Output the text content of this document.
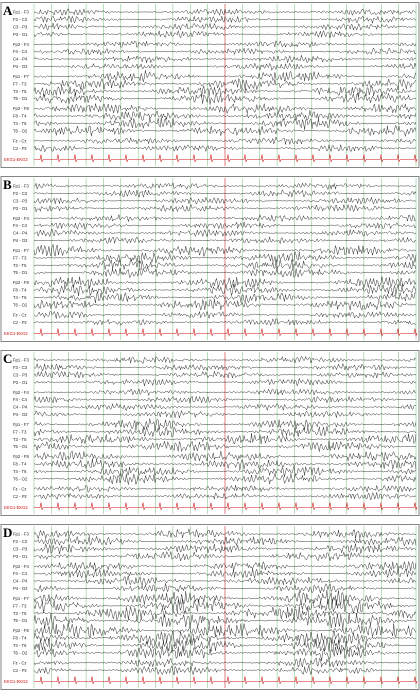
A Fp1 - F3
F3 - C3
C3 - P3
P3 - O1
Fp2 - F4
F4 - C4
C4 - P4
P4 - O2
Fp1 - F7
F7 - T3
T3 - T5
T5 - O1
Fp2 - F8
F8 - T4
T4 - T6
T6 - O2
Fz - Cz
Cz - Pz
EKG1-EKG2
B Fp1 - F3
F3 - C3
C3 - P3
P3 - O1
Fp2 - F4
F4 - C4
C4 - P4
P4 - O2
Fp1 - F7
F7 - T3
T3 - T5
T5 - O1
Fp2 - F8
F8 - T4
T4 - T6
T6 - O2
Fz - Cz
Cz - Pz
EKG1-EKG2
C Fp1 - F3
F3 - C3
C3 - P3
P3 - O1
Fp2 - F4
F4 - C4
C4 - P4
P4 - O2
Fp1 - F7
F7 - T3
T3 - T5
T5 - O1
Fp2 - F8
F8 - T4
T4 - T6
T6 - O2
Fz - Cz
Cz - Pz
EKG1-EKG2
D Fp1 - F3
F3 - C3
C3 - P3
P3 - O1
Fp2 - F4
F4 - C4
C4 - P4
P4 - O2
Fp1 - F7
F7 - T3
T3 - T5
T5 - O1
Fp2 - F8
F8 - T4
T4 - T6
T6 - O2
Fz - Cz
Cz - Pz
EKG1-EKG2
